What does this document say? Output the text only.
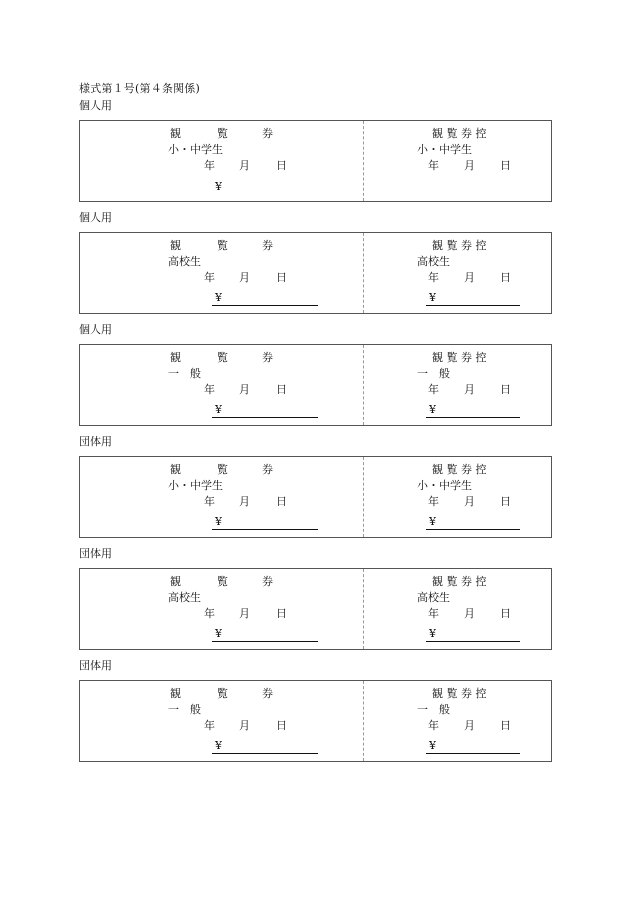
様式第１号(第４条関係)
個人用
観	覧	券
小・中学生
年 月 日
¥
観 覧 券 控
小・中学生
年 月 日
個人用
観	覧	券
高校生
年 月 日
¥
観 覧 券 控
高校生
年 月 日
¥
個人用
観	覧	券
一　般
年 月 日
¥
観 覧 券 控
一　般
年 月 日
¥
団体用
観	覧	券
小・中学生
年 月 日
¥
観 覧 券 控
小・中学生
年 月 日
¥
団体用
観	覧	券
高校生
年 月 日
¥
観 覧 券 控
高校生
年 月 日
¥
団体用
観	覧	券
一　般
年 月 日
¥
観 覧 券 控
一　般
年 月 日
¥
